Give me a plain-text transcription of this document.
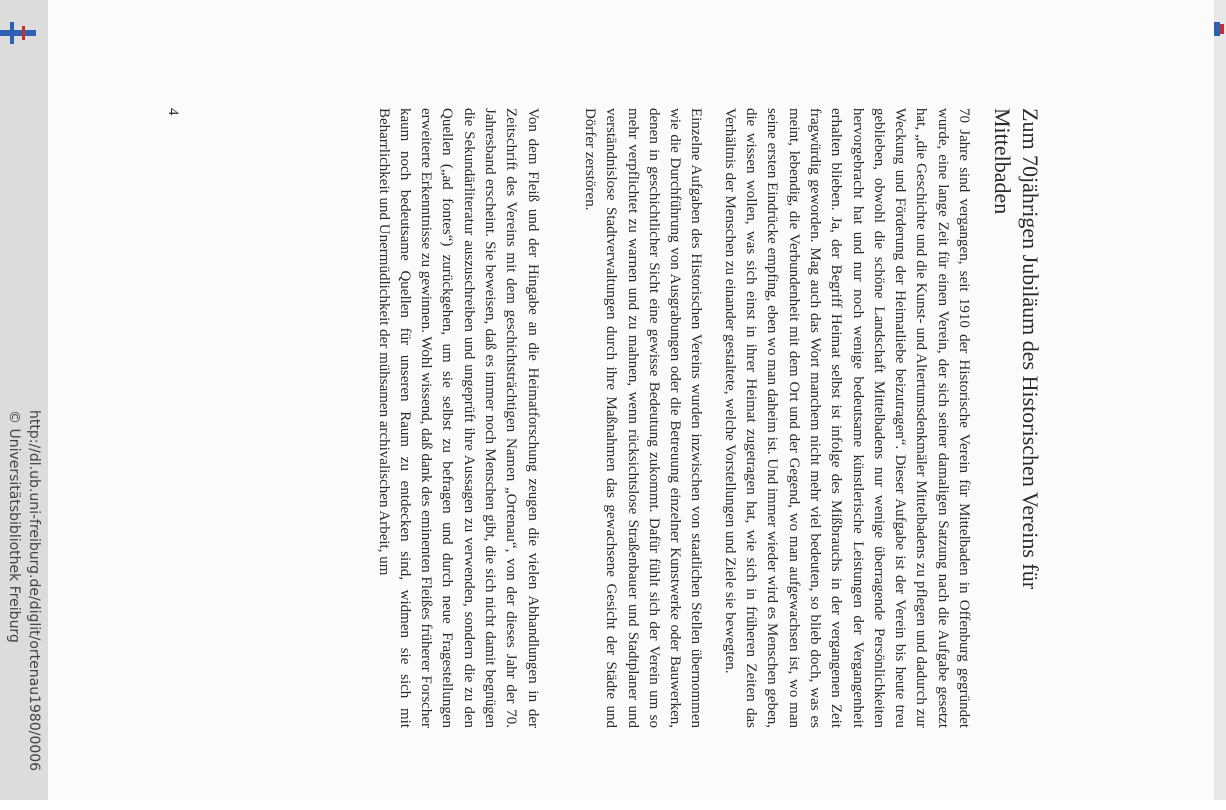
http://dl.ub.uni-freiburg.de/diglit/ortenau1980/0006
© Universitätsbibliothek Freiburg	Zum 70jährigen Jubiläum des Historischen Vereins für Mittelbaden

70 Jahre sind vergangen, seit 1910 der Historische Verein für Mittelbaden in Offenburg gegründet wurde, eine lange Zeit für einen Verein, der sich seiner damaligen Satzung nach die Aufgabe gesetzt hat, „die Geschichte und die Kunst- und Altertumsdenkmäler Mittelbadens zu pflegen und dadurch zur Weckung und Förderung der Heimatliebe beizutragen“. Dieser Aufgabe ist der Verein bis heute treu geblieben, obwohl die schöne Landschaft Mittelbadens nur wenige überragende Persönlichkeiten hervorgebracht hat und nur noch wenige bedeutsame künstlerische Leistungen der Vergangenheit erhalten blieben. Ja, der Begriff Heimat selbst ist infolge des Mißbrauchs in der vergangenen Zeit fragwürdig geworden. Mag auch das Wort manchem nicht mehr viel bedeuten, so blieb doch, was es meint, lebendig, die Verbundenheit mit dem Ort und der Gegend, wo man aufgewachsen ist, wo man seine ersten Eindrücke empfing, eben wo man daheim ist. Und immer wieder wird es Menschen geben, die wissen wollen, was sich einst in ihrer Heimat zugetragen hat, wie sich in früheren Zeiten das Verhältnis der Menschen zu einander gestaltete, welche Vorstellungen und Ziele sie bewegten.

Einzelne Aufgaben des Historischen Vereins wurden inzwischen von staatlichen Stellen übernommen wie die Durchführung von Ausgrabungen oder die Betreuung einzelner Kunstwerke oder Bauwerken, denen in geschichtlicher Sicht eine gewisse Bedeutung zukommt. Dafür fühlt sich der Verein um so mehr verpflichtet zu warnen und zu mahnen, wenn rücksichtslose Straßenbauer und Stadtplaner und verständnislose Stadtverwaltungen durch ihre Maßnahmen das gewachsene Gesicht der Städte und Dörfer zerstören.

Von dem Fleiß und der Hingabe an die Heimatforschung zeugen die vielen Abhandlungen in der Zeitschrift des Vereins mit dem geschichtsträchtigen Namen „Ortenau“, von der dieses Jahr der 70. Jahresband erscheint. Sie beweisen, daß es immer noch Menschen gibt, die sich nicht damit begnügen die Sekundärliteratur auszuschreiben und ungeprüft ihre Aussagen zu verwenden, sondern die zu den Quellen („ad fontes“) zurückgehen, um sie selbst zu befragen und durch neue Fragestellungen erweiterte Erkenntnisse zu gewinnen. Wohl wissend, daß dank des eminenten Fleißes früherer Forscher kaum noch bedeutsame Quellen für unseren Raum zu entdecken sind, widmen sie sich mit Beharrlichkeit und Unermüdlichkeit der mühsamen archivalischen Arbeit, um

4
